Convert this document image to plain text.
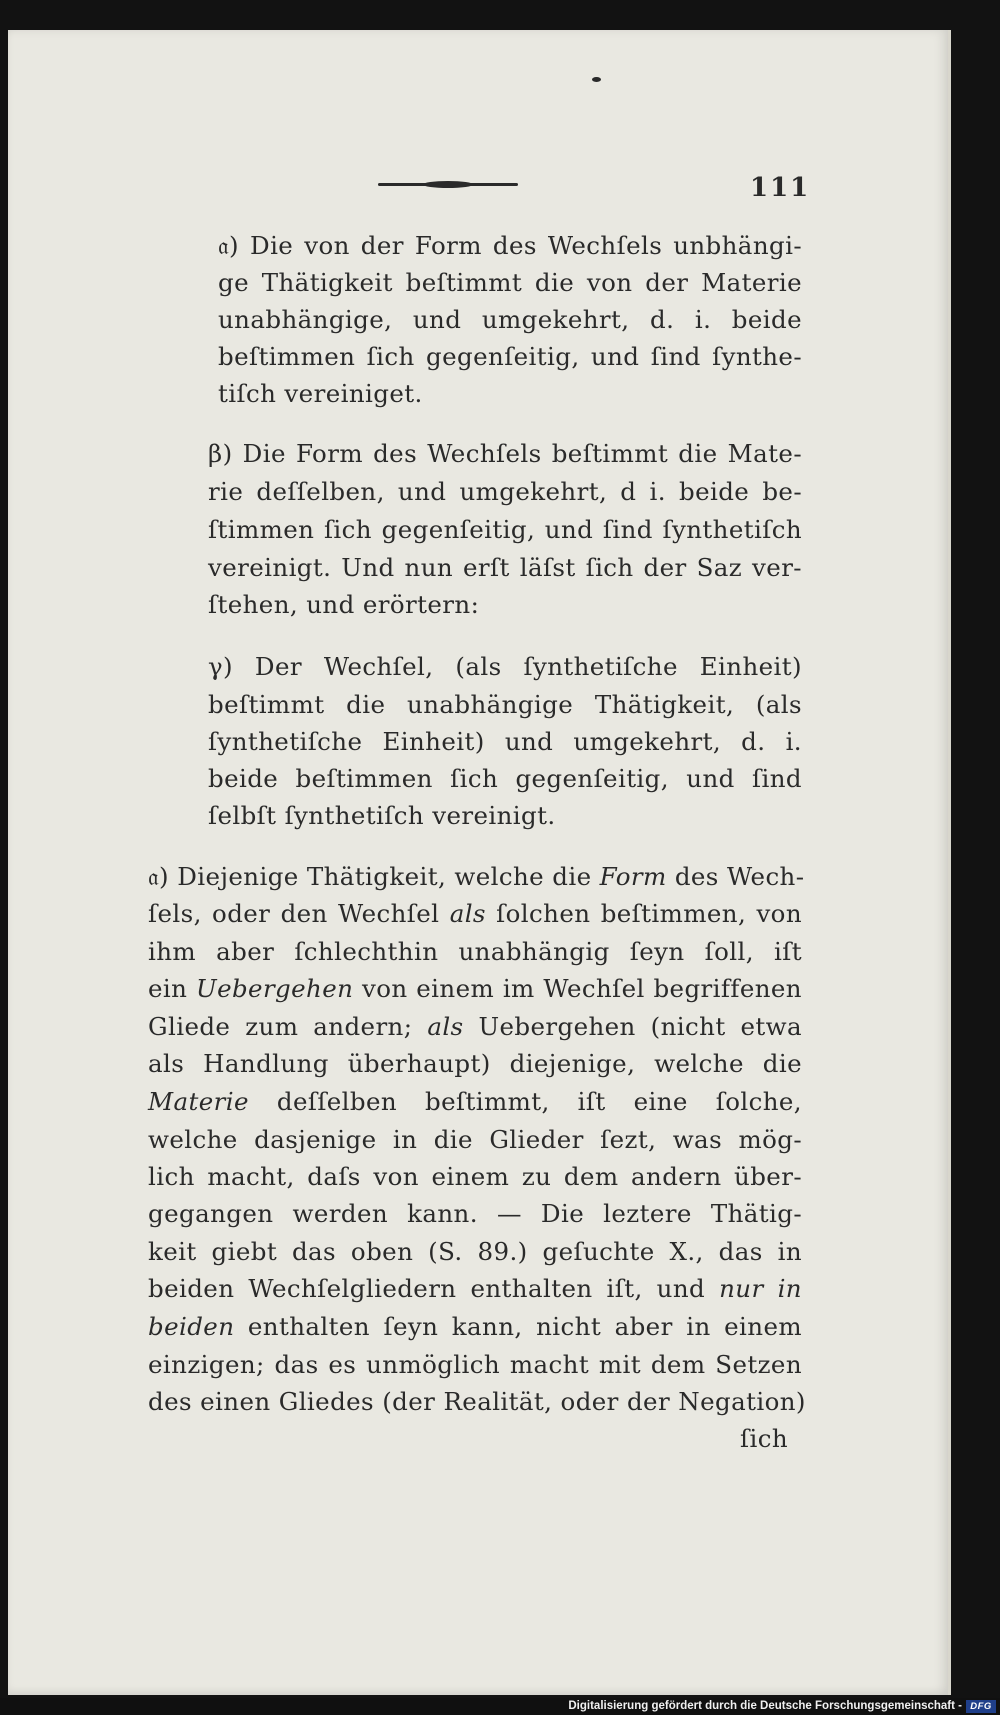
111
𝔞) Die von der Form des Wechſels unbhängi-
ge Thätigkeit beſtimmt die von der Materie
unabhängige, und umgekehrt, d. i. beide
beſtimmen ſich gegenſeitig, und ſind ſynthe-
tiſch vereiniget.
β) Die Form des Wechſels beſtimmt die Mate-
rie deſſelben, und umgekehrt, d i. beide be-
ſtimmen ſich gegenſeitig, und ſind ſynthetiſch
vereinigt. Und nun erſt läſst ſich der Saz ver-
ſtehen, und erörtern:
γ) Der Wechſel, (als ſynthetiſche Einheit)
beſtimmt die unabhängige Thätigkeit, (als
ſynthetiſche Einheit) und umgekehrt, d. i.
beide beſtimmen ſich gegenſeitig, und ſind
ſelbſt ſynthetiſch vereinigt.
𝔞) Diejenige Thätigkeit, welche die Form des Wech-
ſels, oder den Wechſel als ſolchen beſtimmen, von
ihm aber ſchlechthin unabhängig ſeyn ſoll, iſt
ein Uebergehen von einem im Wechſel begriffenen
Gliede zum andern; als Uebergehen (nicht etwa
als Handlung überhaupt) diejenige, welche die
Materie deſſelben beſtimmt, iſt eine ſolche,
welche dasjenige in die Glieder ſezt, was mög-
lich macht, daſs von einem zu dem andern über-
gegangen werden kann. — Die leztere Thätig-
keit giebt das oben (S. 89.) geſuchte X., das in
beiden Wechſelgliedern enthalten iſt, und nur in
beiden enthalten ſeyn kann, nicht aber in einem
einzigen; das es unmöglich macht mit dem Setzen
des einen Gliedes (der Realität, oder der Negation)
ſich
Digitalisierung gefördert durch die Deutsche Forschungsgemeinschaft - DFG
